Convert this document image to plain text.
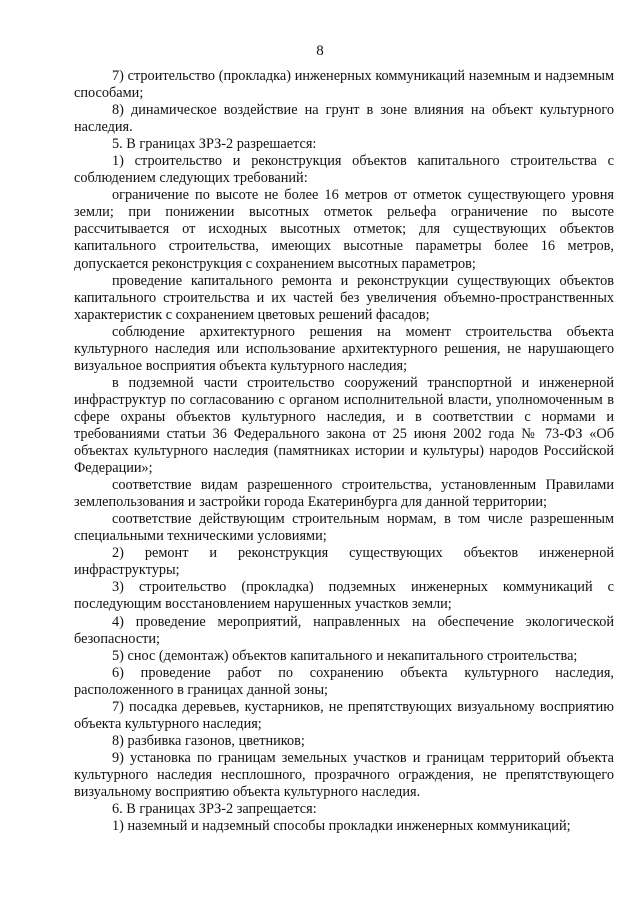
8

7) строительство (прокладка) инженерных коммуникаций наземным и надземным способами;

8) динамическое воздействие на грунт в зоне влияния на объект культурного наследия.

5. В границах ЗРЗ-2 разрешается:

1) строительство и реконструкция объектов капитального строительства с соблюдением следующих требований:

ограничение по высоте не более 16 метров от отметок существующего уровня земли; при понижении высотных отметок рельефа ограничение по высоте рассчитывается от исходных высотных отметок; для существующих объектов капитального строительства, имеющих высотные параметры более 16 метров, допускается реконструкция с сохранением высотных параметров;

проведение капитального ремонта и реконструкции существующих объектов капитального строительства и их частей без увеличения объемно-пространственных характеристик с сохранением цветовых решений фасадов;

соблюдение архитектурного решения на момент строительства объекта культурного наследия или использование архитектурного решения, не нарушающего визуальное восприятия объекта культурного наследия;

в подземной части строительство сооружений транспортной и инженерной инфраструктур по согласованию с органом исполнительной власти, уполномоченным в сфере охраны объектов культурного наследия, и в соответствии с нормами и требованиями статьи 36 Федерального закона от 25 июня 2002 года № 73-ФЗ «Об объектах культурного наследия (памятниках истории и культуры) народов Российской Федерации»;

соответствие видам разрешенного строительства, установленным Правилами землепользования и застройки города Екатеринбурга для данной территории;

соответствие действующим строительным нормам, в том числе разрешенным специальными техническими условиями;

2) ремонт и реконструкция существующих объектов инженерной инфраструктуры;

3) строительство (прокладка) подземных инженерных коммуникаций с последующим восстановлением нарушенных участков земли;

4) проведение мероприятий, направленных на обеспечение экологической безопасности;

5) снос (демонтаж) объектов капитального и некапитального строительства;

6) проведение работ по сохранению объекта культурного наследия, расположенного в границах данной зоны;

7) посадка деревьев, кустарников, не препятствующих визуальному восприятию объекта культурного наследия;

8) разбивка газонов, цветников;

9) установка по границам земельных участков и границам территорий объекта культурного наследия несплошного, прозрачного ограждения, не препятствующего визуальному восприятию объекта культурного наследия.

6. В границах ЗРЗ-2 запрещается:

1) наземный и надземный способы прокладки инженерных коммуникаций;
